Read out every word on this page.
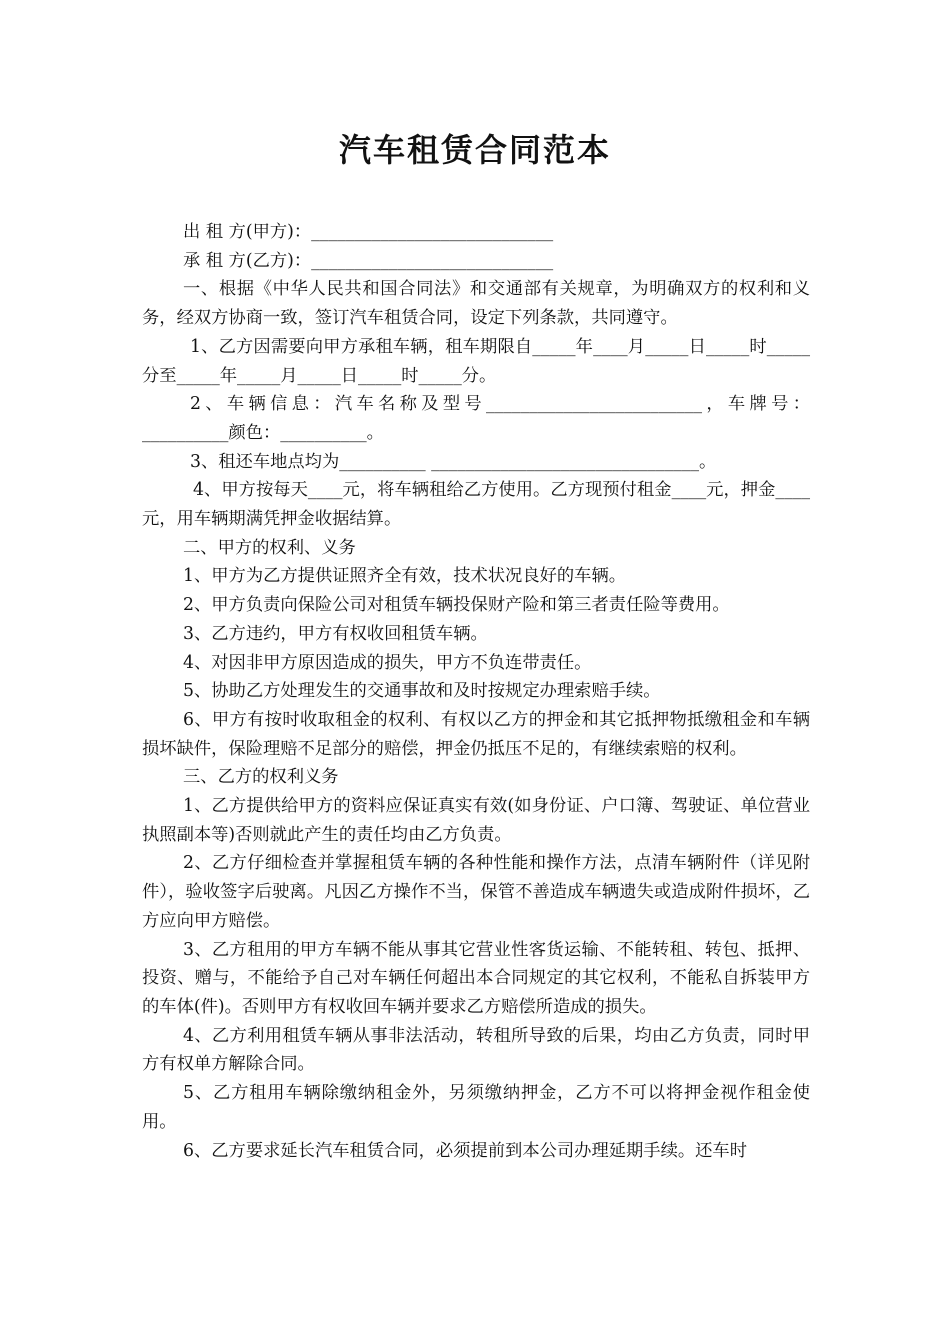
汽车租赁合同范本

出 租 方(甲方)：____________________________

承 租 方(乙方)：____________________________

一、根据《中华人民共和国合同法》和交通部有关规章，为明确双方的权利和义务，经双方协商一致，签订汽车租赁合同，设定下列条款，共同遵守。

1、乙方因需要向甲方承租车辆，租车期限自_____年____月_____日_____时_____分至_____年_____月_____日_____时_____分。

2、车辆信息：汽车名称及型号_________________________，车牌号：__________颜色：__________。

3、租还车地点均为__________ _______________________________。

4、甲方按每天____元，将车辆租给乙方使用。乙方现预付租金____元，押金____元，用车辆期满凭押金收据结算。

二、甲方的权利、义务

1、甲方为乙方提供证照齐全有效，技术状况良好的车辆。

2、甲方负责向保险公司对租赁车辆投保财产险和第三者责任险等费用。

3、乙方违约，甲方有权收回租赁车辆。

4、对因非甲方原因造成的损失，甲方不负连带责任。

5、协助乙方处理发生的交通事故和及时按规定办理索赔手续。

6、甲方有按时收取租金的权利、有权以乙方的押金和其它抵押物抵缴租金和车辆损坏缺件，保险理赔不足部分的赔偿，押金仍抵压不足的，有继续索赔的权利。

三、乙方的权利义务

1、乙方提供给甲方的资料应保证真实有效(如身份证、户口簿、驾驶证、单位营业执照副本等)否则就此产生的责任均由乙方负责。

2、乙方仔细检查并掌握租赁车辆的各种性能和操作方法，点清车辆附件（详见附件），验收签字后驶离。凡因乙方操作不当，保管不善造成车辆遗失或造成附件损坏，乙方应向甲方赔偿。

3、乙方租用的甲方车辆不能从事其它营业性客货运输、不能转租、转包、抵押、投资、赠与，不能给予自己对车辆任何超出本合同规定的其它权利，不能私自拆装甲方的车体(件)。否则甲方有权收回车辆并要求乙方赔偿所造成的损失。

4、乙方利用租赁车辆从事非法活动，转租所导致的后果，均由乙方负责，同时甲方有权单方解除合同。

5、乙方租用车辆除缴纳租金外，另须缴纳押金，乙方不可以将押金视作租金使用。

6、乙方要求延长汽车租赁合同，必须提前到本公司办理延期手续。还车时
